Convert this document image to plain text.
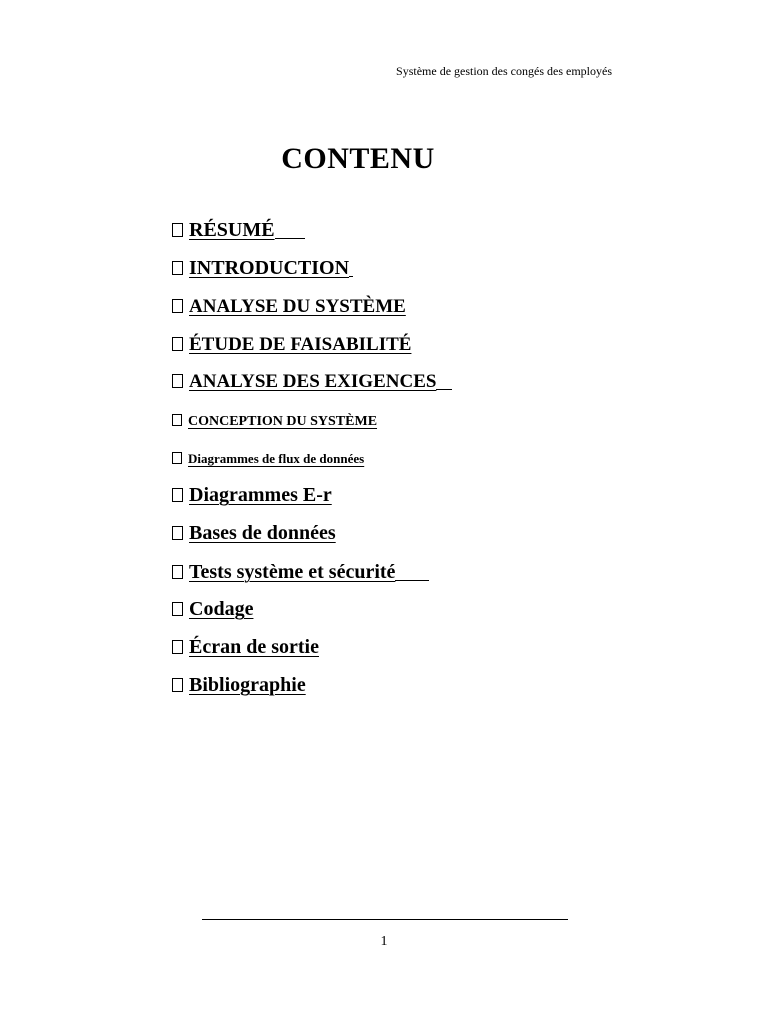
Système de gestion des congés des employés
CONTENU
RÉSUMÉ
INTRODUCTION
ANALYSE DU SYSTÈME
ÉTUDE DE FAISABILITÉ
ANALYSE DES EXIGENCES
CONCEPTION DU SYSTÈME
Diagrammes de flux de données
Diagrammes E-r
Bases de données
Tests système et sécurité
Codage
Écran de sortie
Bibliographie
1
